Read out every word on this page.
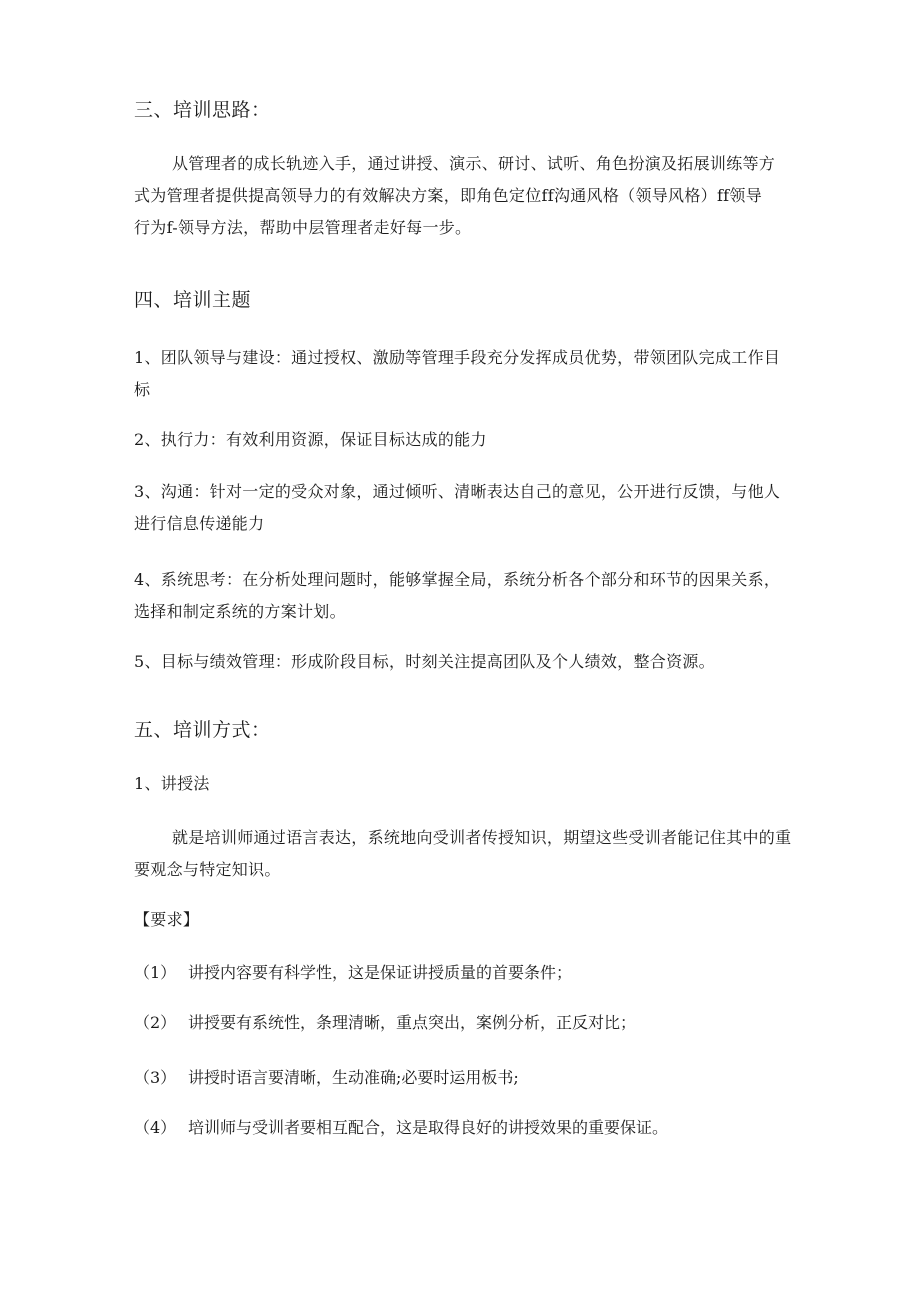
三、培训思路：
从管理者的成长轨迹入手，通过讲授、演示、研讨、试听、角色扮演及拓展训练等方
式为管理者提供提高领导力的有效解决方案，即角色定位ff沟通风格（领导风格）ff领导
行为f-领导方法，帮助中层管理者走好每一步。
四、培训主题
1、团队领导与建设：通过授权、激励等管理手段充分发挥成员优势，带领团队完成工作目
标
2、执行力：有效利用资源，保证目标达成的能力
3、沟通：针对一定的受众对象，通过倾听、清晰表达自己的意见，公开进行反馈，与他人
进行信息传递能力
4、系统思考：在分析处理问题时，能够掌握全局，系统分析各个部分和环节的因果关系，
选择和制定系统的方案计划。
5、目标与绩效管理：形成阶段目标，时刻关注提高团队及个人绩效，整合资源。
五、培训方式：
1、讲授法
就是培训师通过语言表达，系统地向受训者传授知识，期望这些受训者能记住其中的重
要观念与特定知识。
【要求】
（1） 讲授内容要有科学性，这是保证讲授质量的首要条件；
（2） 讲授要有系统性，条理清晰，重点突出，案例分析，正反对比；
（3） 讲授时语言要清晰，生动准确;必要时运用板书;
（4） 培训师与受训者要相互配合，这是取得良好的讲授效果的重要保证。
